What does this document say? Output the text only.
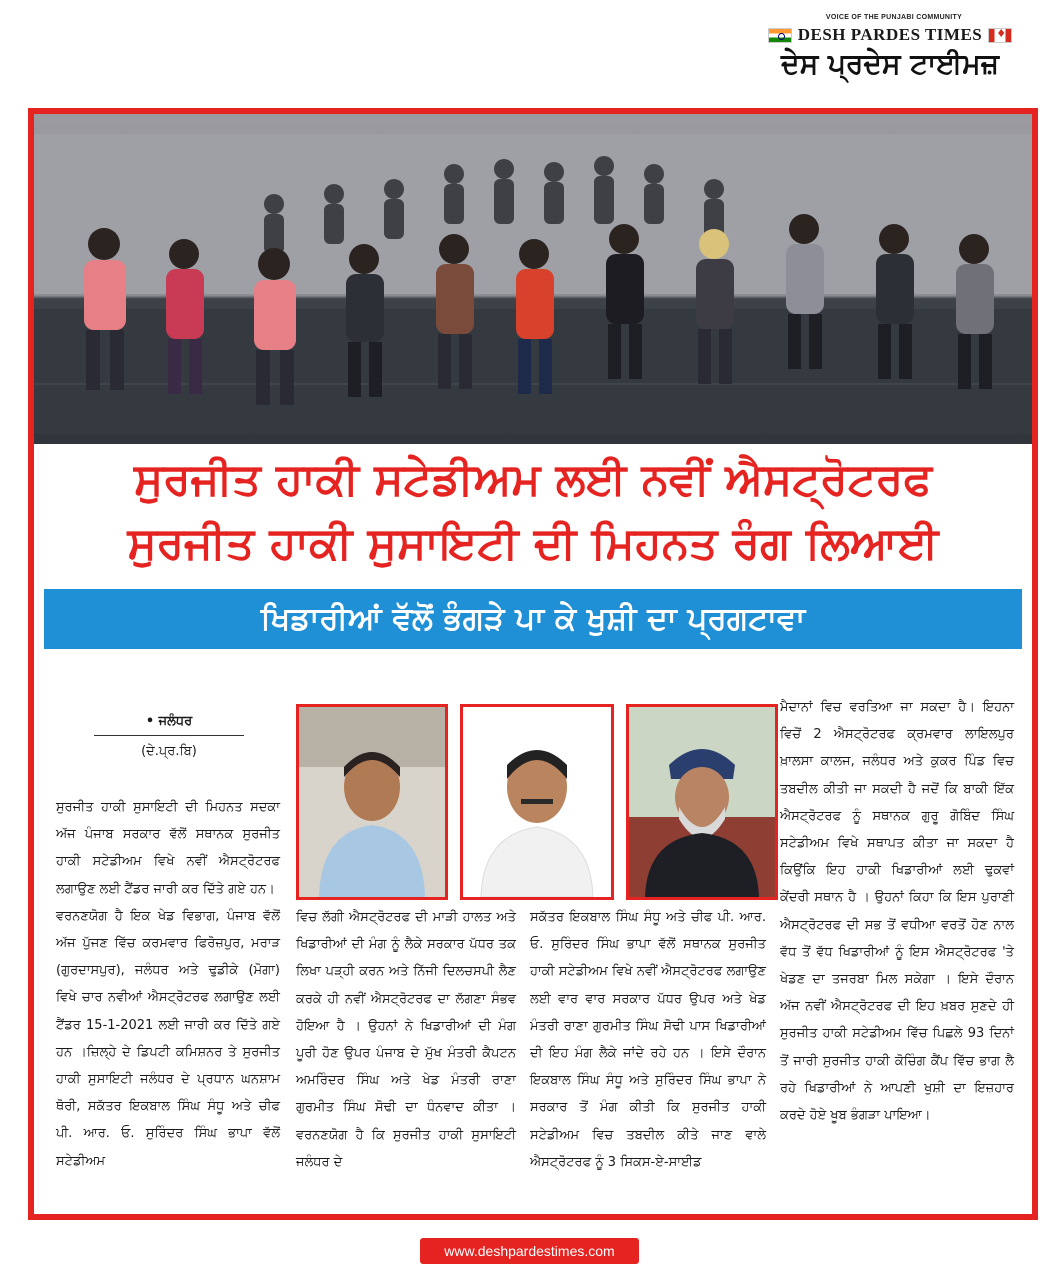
VOICE OF THE PUNJABI COMMUNITY
DESH PARDES TIMES
♦
ਦੇਸ ਪ੍ਰਦੇਸ ਟਾਈਮਜ਼
ਸੁਰਜੀਤ ਹਾਕੀ ਸਟੇਡੀਅਮ ਲਈ ਨਵੀਂ ਐਸਟ੍ਰੋਟਰਫ
ਸੁਰਜੀਤ ਹਾਕੀ ਸੁਸਾਇਟੀ ਦੀ ਮਿਹਨਤ ਰੰਗ ਲਿਆਈ
ਖਿਡਾਰੀਆਂ ਵੱਲੋਂ ਭੰਗੜੇ ਪਾ ਕੇ ਖੁਸ਼ੀ ਦਾ ਪ੍ਰਗਟਾਵਾ
• ਜਲੰਧਰ
(ਦੇ.ਪ੍ਰ.ਬਿ)

ਸੁਰਜੀਤ ਹਾਕੀ ਸੁਸਾਇਟੀ ਦੀ ਮਿਹਨਤ ਸਦਕਾ ਅੱਜ ਪੰਜਾਬ ਸਰਕਾਰ ਵੱਲੋਂ ਸਥਾਨਕ ਸੁਰਜੀਤ ਹਾਕੀ ਸਟੇਡੀਅਮ ਵਿਖੇ ਨਵੀਂ ਐਸਟ੍ਰੋਟਰਫ ਲਗਾਉਣ ਲਈ ਟੈਂਡਰ ਜਾਰੀ ਕਰ ਦਿੱਤੇ ਗਏ ਹਨ।

ਵਰਨਣਯੋਗ ਹੈ ਇਕ ਖੇਡ ਵਿਭਾਗ, ਪੰਜਾਬ ਵੱਲੋਂ ਅੱਜ ਪੁੱਜਣ ਵਿੱਚ ਕਰਮਵਾਰ ਫਿਰੋਜ਼ਪੁਰ, ਮਰਾੜ (ਗੁਰਦਾਸਪੁਰ), ਜਲੰਧਰ ਅਤੇ ਢੁਡੀਕੇ (ਮੋਗਾ) ਵਿਖੇ ਚਾਰ ਨਵੀਆਂ ਐਸਟ੍ਰੋਟਰਫ ਲਗਾਉਣ ਲਈ ਟੈਂਡਰ 15-1-2021 ਲਈ ਜਾਰੀ ਕਰ ਦਿੱਤੇ ਗਏ ਹਨ ।ਜ਼ਿਲ੍ਹੇ ਦੇ ਡਿਪਟੀ ਕਮਿਸ਼ਨਰ ਤੇ ਸੁਰਜੀਤ ਹਾਕੀ ਸੁਸਾਇਟੀ ਜਲੰਧਰ ਦੇ ਪ੍ਰਧਾਨ ਘਨਸ਼ਾਮ ਥੋਰੀ, ਸਕੱਤਰ ਇਕਬਾਲ ਸਿੰਘ ਸੰਧੂ ਅਤੇ ਚੀਫ ਪੀ. ਆਰ. ਓ. ਸੁਰਿੰਦਰ ਸਿੰਘ ਭਾਪਾ ਵੱਲੋਂ ਸਟੇਡੀਅਮ

ਵਿਚ ਲੱਗੀ ਐਸਟ੍ਰੋਟਰਫ ਦੀ ਮਾੜੀ ਹਾਲਤ ਅਤੇ ਖਿਡਾਰੀਆਂ ਦੀ ਮੰਗ ਨੂੰ ਲੈਕੇ ਸਰਕਾਰ ਪੱਧਰ ਤਕ ਲਿਖਾ ਪੜ੍ਹੀ ਕਰਨ ਅਤੇ ਨਿੱਜੀ ਦਿਲਚਸਪੀ ਲੈਣ ਕਰਕੇ ਹੀ ਨਵੀਂ ਐਸਟ੍ਰੋਟਰਫ ਦਾ ਲੱਗਣਾ ਸੰਭਵ ਹੋਇਆ ਹੈ । ਉਹਨਾਂ ਨੇ ਖਿਡਾਰੀਆਂ ਦੀ ਮੰਗ ਪੂਰੀ ਹੋਣ ਉਪਰ ਪੰਜਾਬ ਦੇ ਮੁੱਖ ਮੰਤਰੀ ਕੈਪਟਨ ਅਮਰਿੰਦਰ ਸਿੰਘ ਅਤੇ ਖੇਡ ਮੰਤਰੀ ਰਾਣਾ ਗੁਰਮੀਤ ਸਿੰਘ ਸੋਢੀ ਦਾ ਧੰਨਵਾਦ ਕੀਤਾ । ਵਰਨਣਯੋਗ ਹੈ ਕਿ ਸੁਰਜੀਤ ਹਾਕੀ ਸੁਸਾਇਟੀ ਜਲੰਧਰ ਦੇ

ਸਕੱਤਰ ਇਕਬਾਲ ਸਿੰਘ ਸੰਧੂ ਅਤੇ ਚੀਫ ਪੀ. ਆਰ. ਓ. ਸੁਰਿੰਦਰ ਸਿੰਘ ਭਾਪਾ ਵੱਲੋਂ ਸਥਾਨਕ ਸੁਰਜੀਤ ਹਾਕੀ ਸਟੇਡੀਅਮ ਵਿਖੇ ਨਵੀਂ ਐਸਟ੍ਰੋਟਰਫ ਲਗਾਉਣ ਲਈ ਵਾਰ ਵਾਰ ਸਰਕਾਰ ਪੱਧਰ ਉਪਰ ਅਤੇ ਖੇਡ ਮੰਤਰੀ ਰਾਣਾ ਗੁਰਮੀਤ ਸਿੰਘ ਸੋਢੀ ਪਾਸ ਖਿਡਾਰੀਆਂ ਦੀ ਇਹ ਮੰਗ ਲੈਕੇ ਜਾਂਦੇ ਰਹੇ ਹਨ । ਇਸੇ ਦੌਰਾਨ ਇਕਬਾਲ ਸਿੰਘ ਸੰਧੂ ਅਤੇ ਸੁਰਿੰਦਰ ਸਿੰਘ ਭਾਪਾ ਨੇ ਸਰਕਾਰ ਤੋਂ ਮੰਗ ਕੀਤੀ ਕਿ ਸੁਰਜੀਤ ਹਾਕੀ ਸਟੇਡੀਅਮ ਵਿਚ ਤਬਦੀਲ ਕੀਤੇ ਜਾਣ ਵਾਲੇ ਐਸਟ੍ਰੋਟਰਫ ਨੂੰ 3 ਸਿਕਸ-ਏ-ਸਾਈਡ

ਮੈਦਾਨਾਂ ਵਿਚ ਵਰਤਿਆ ਜਾ ਸਕਦਾ ਹੈ। ਇਹਨਾ ਵਿਚੋਂ 2 ਐਸਟ੍ਰੋਟਰਫ ਕ੍ਰਮਵਾਰ ਲਾਇਲਪੁਰ ਖ਼ਾਲਸਾ ਕਾਲਜ, ਜਲੰਧਰ ਅਤੇ ਕੁਕਰ ਪਿੰਡ ਵਿਚ ਤਬਦੀਲ ਕੀਤੀ ਜਾ ਸਕਦੀ ਹੈ ਜਦੋਂ ਕਿ ਬਾਕੀ ਇੱਕ ਐਸਟ੍ਰੋਟਰਫ ਨੂੰ ਸਥਾਨਕ ਗੁਰੂ ਗੋਬਿੰਦ ਸਿੰਘ ਸਟੇਡੀਅਮ ਵਿਖੇ ਸਥਾਪਤ ਕੀਤਾ ਜਾ ਸਕਦਾ ਹੈ ਕਿਉਂਕਿ ਇਹ ਹਾਕੀ ਖਿਡਾਰੀਆਂ ਲਈ ਢੁਕਵਾਂ ਕੇਂਦਰੀ ਸਥਾਨ ਹੈ । ਉਹਨਾਂ ਕਿਹਾ ਕਿ ਇਸ ਪੁਰਾਣੀ ਐਸਟ੍ਰੋਟਰਫ ਦੀ ਸਭ ਤੋਂ ਵਧੀਆ ਵਰਤੋਂ ਹੋਣ ਨਾਲ ਵੱਧ ਤੋਂ ਵੱਧ ਖਿਡਾਰੀਆਂ ਨੂੰ ਇਸ ਐਸਟ੍ਰੋਟਰਫ 'ਤੇ ਖੇਡਣ ਦਾ ਤਜਰਬਾ ਮਿਲ ਸਕੇਗਾ । ਇਸੇ ਦੌਰਾਨ ਅੱਜ ਨਵੀਂ ਐਸਟ੍ਰੋਟਰਫ ਦੀ ਇਹ ਖ਼ਬਰ ਸੁਣਦੇ ਹੀ ਸੁਰਜੀਤ ਹਾਕੀ ਸਟੇਡੀਅਮ ਵਿੱਚ ਪਿਛਲੇ 93 ਦਿਨਾਂ ਤੋਂ ਜਾਰੀ ਸੁਰਜੀਤ ਹਾਕੀ ਕੋਚਿੰਗ ਕੈਂਪ ਵਿੱਚ ਭਾਗ ਲੈ ਰਹੇ ਖਿਡਾਰੀਆਂ ਨੇ ਆਪਣੀ ਖੁਸ਼ੀ ਦਾ ਇਜ਼ਹਾਰ ਕਰਦੇ ਹੋਏ ਖੂਬ ਭੰਗੜਾ ਪਾਇਆ।

www.deshpardestimes.com
